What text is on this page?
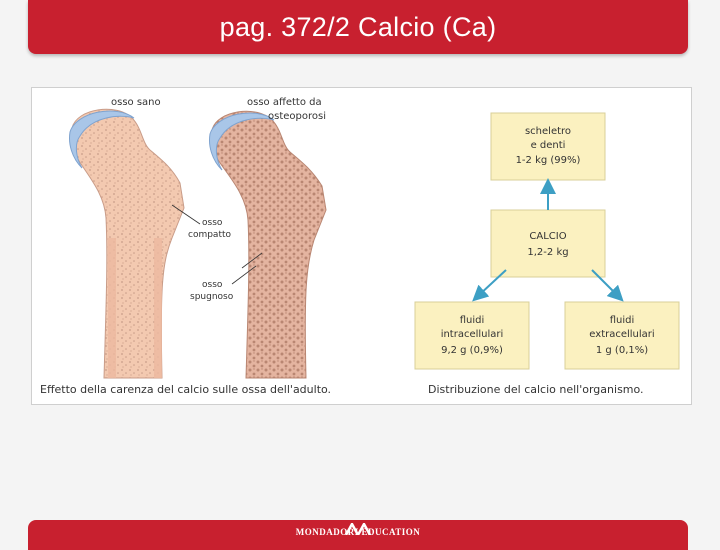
pag. 372/2 Calcio (Ca)
osso sano	osso affetto da
osteoporosi
osso
compatto
osso
spugnoso
Effetto della carenza del calcio sulle ossa dell'adulto.
scheletro
e denti
1-2 kg (99%)
CALCIO
1,2-2 kg
fluidi
intracellulari
9,2 g (0,9%)
fluidi
extracellulari
1 g (0,1%)
Distribuzione del calcio nell'organismo.
MONDADORI EDUCATION
